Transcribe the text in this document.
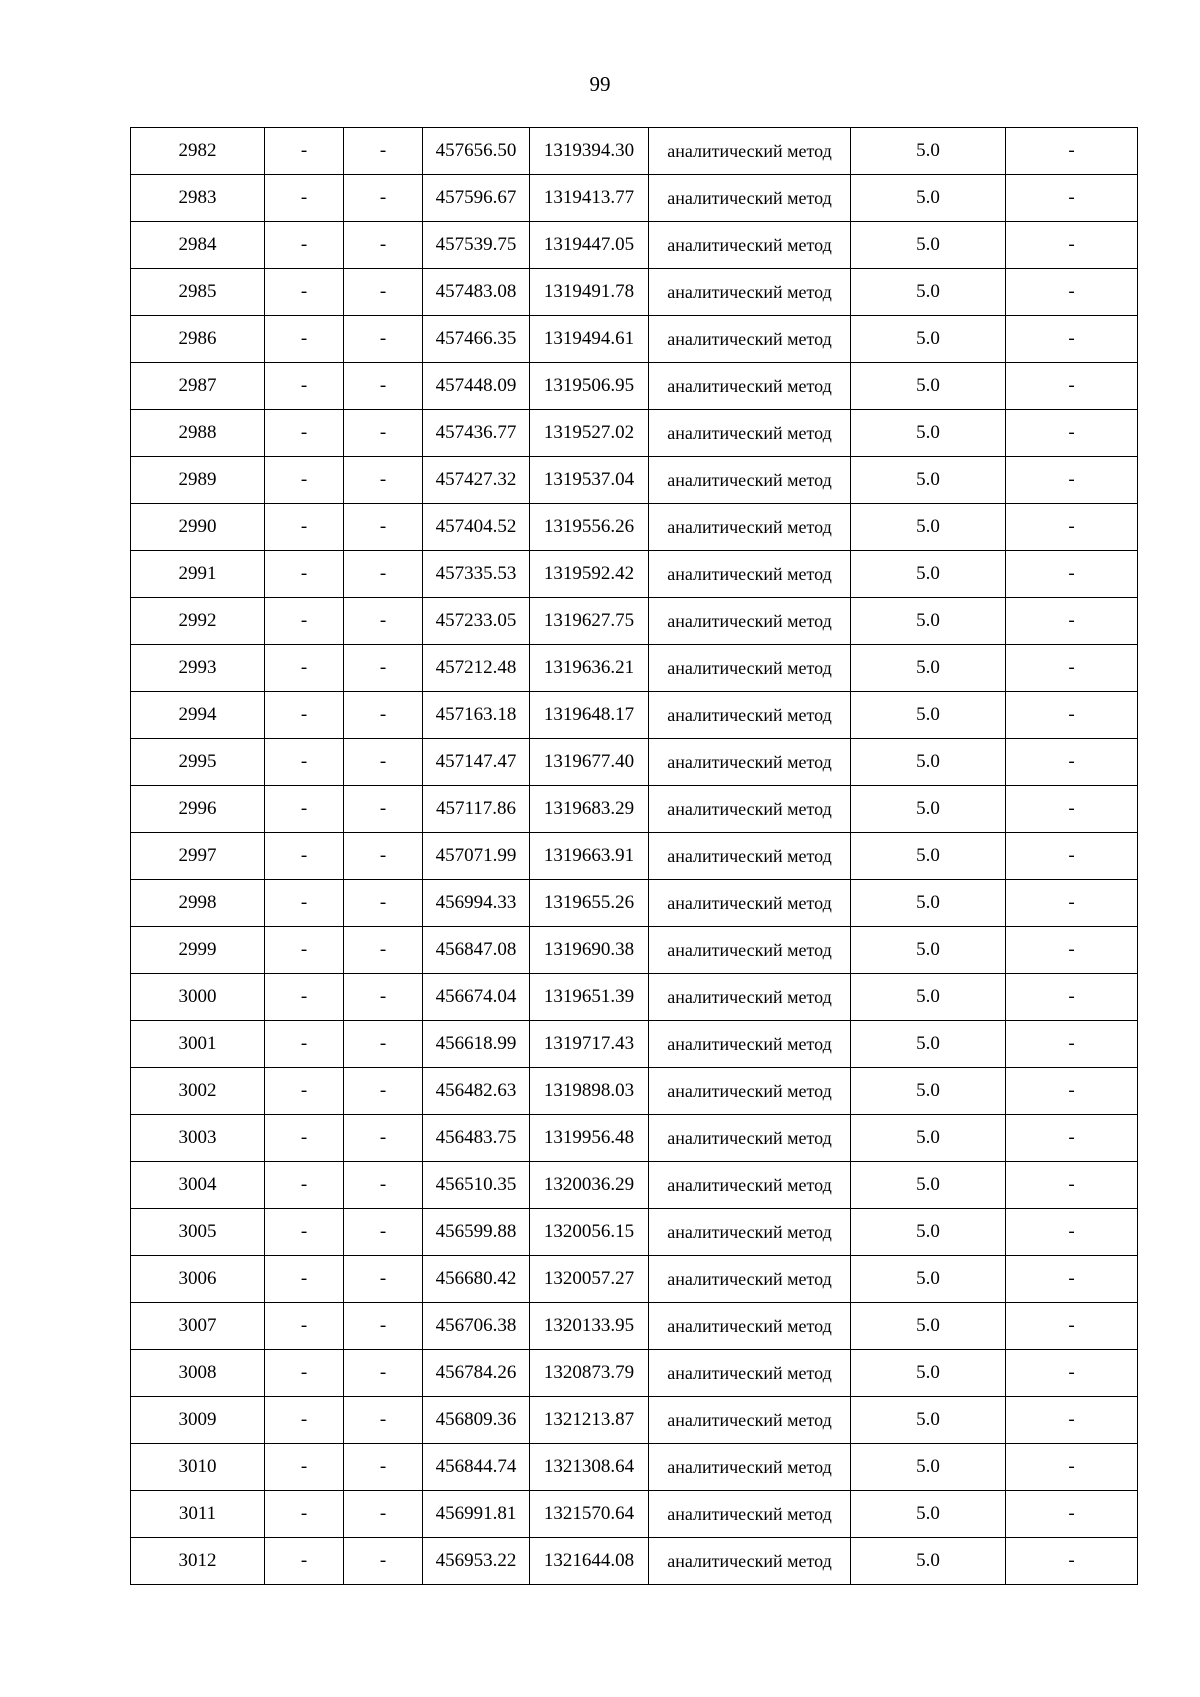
99
2982	-	-	457656.50	1319394.30	аналитический метод	5.0	-
2983	-	-	457596.67	1319413.77	аналитический метод	5.0	-
2984	-	-	457539.75	1319447.05	аналитический метод	5.0	-
2985	-	-	457483.08	1319491.78	аналитический метод	5.0	-
2986	-	-	457466.35	1319494.61	аналитический метод	5.0	-
2987	-	-	457448.09	1319506.95	аналитический метод	5.0	-
2988	-	-	457436.77	1319527.02	аналитический метод	5.0	-
2989	-	-	457427.32	1319537.04	аналитический метод	5.0	-
2990	-	-	457404.52	1319556.26	аналитический метод	5.0	-
2991	-	-	457335.53	1319592.42	аналитический метод	5.0	-
2992	-	-	457233.05	1319627.75	аналитический метод	5.0	-
2993	-	-	457212.48	1319636.21	аналитический метод	5.0	-
2994	-	-	457163.18	1319648.17	аналитический метод	5.0	-
2995	-	-	457147.47	1319677.40	аналитический метод	5.0	-
2996	-	-	457117.86	1319683.29	аналитический метод	5.0	-
2997	-	-	457071.99	1319663.91	аналитический метод	5.0	-
2998	-	-	456994.33	1319655.26	аналитический метод	5.0	-
2999	-	-	456847.08	1319690.38	аналитический метод	5.0	-
3000	-	-	456674.04	1319651.39	аналитический метод	5.0	-
3001	-	-	456618.99	1319717.43	аналитический метод	5.0	-
3002	-	-	456482.63	1319898.03	аналитический метод	5.0	-
3003	-	-	456483.75	1319956.48	аналитический метод	5.0	-
3004	-	-	456510.35	1320036.29	аналитический метод	5.0	-
3005	-	-	456599.88	1320056.15	аналитический метод	5.0	-
3006	-	-	456680.42	1320057.27	аналитический метод	5.0	-
3007	-	-	456706.38	1320133.95	аналитический метод	5.0	-
3008	-	-	456784.26	1320873.79	аналитический метод	5.0	-
3009	-	-	456809.36	1321213.87	аналитический метод	5.0	-
3010	-	-	456844.74	1321308.64	аналитический метод	5.0	-
3011	-	-	456991.81	1321570.64	аналитический метод	5.0	-
3012	-	-	456953.22	1321644.08	аналитический метод	5.0	-
